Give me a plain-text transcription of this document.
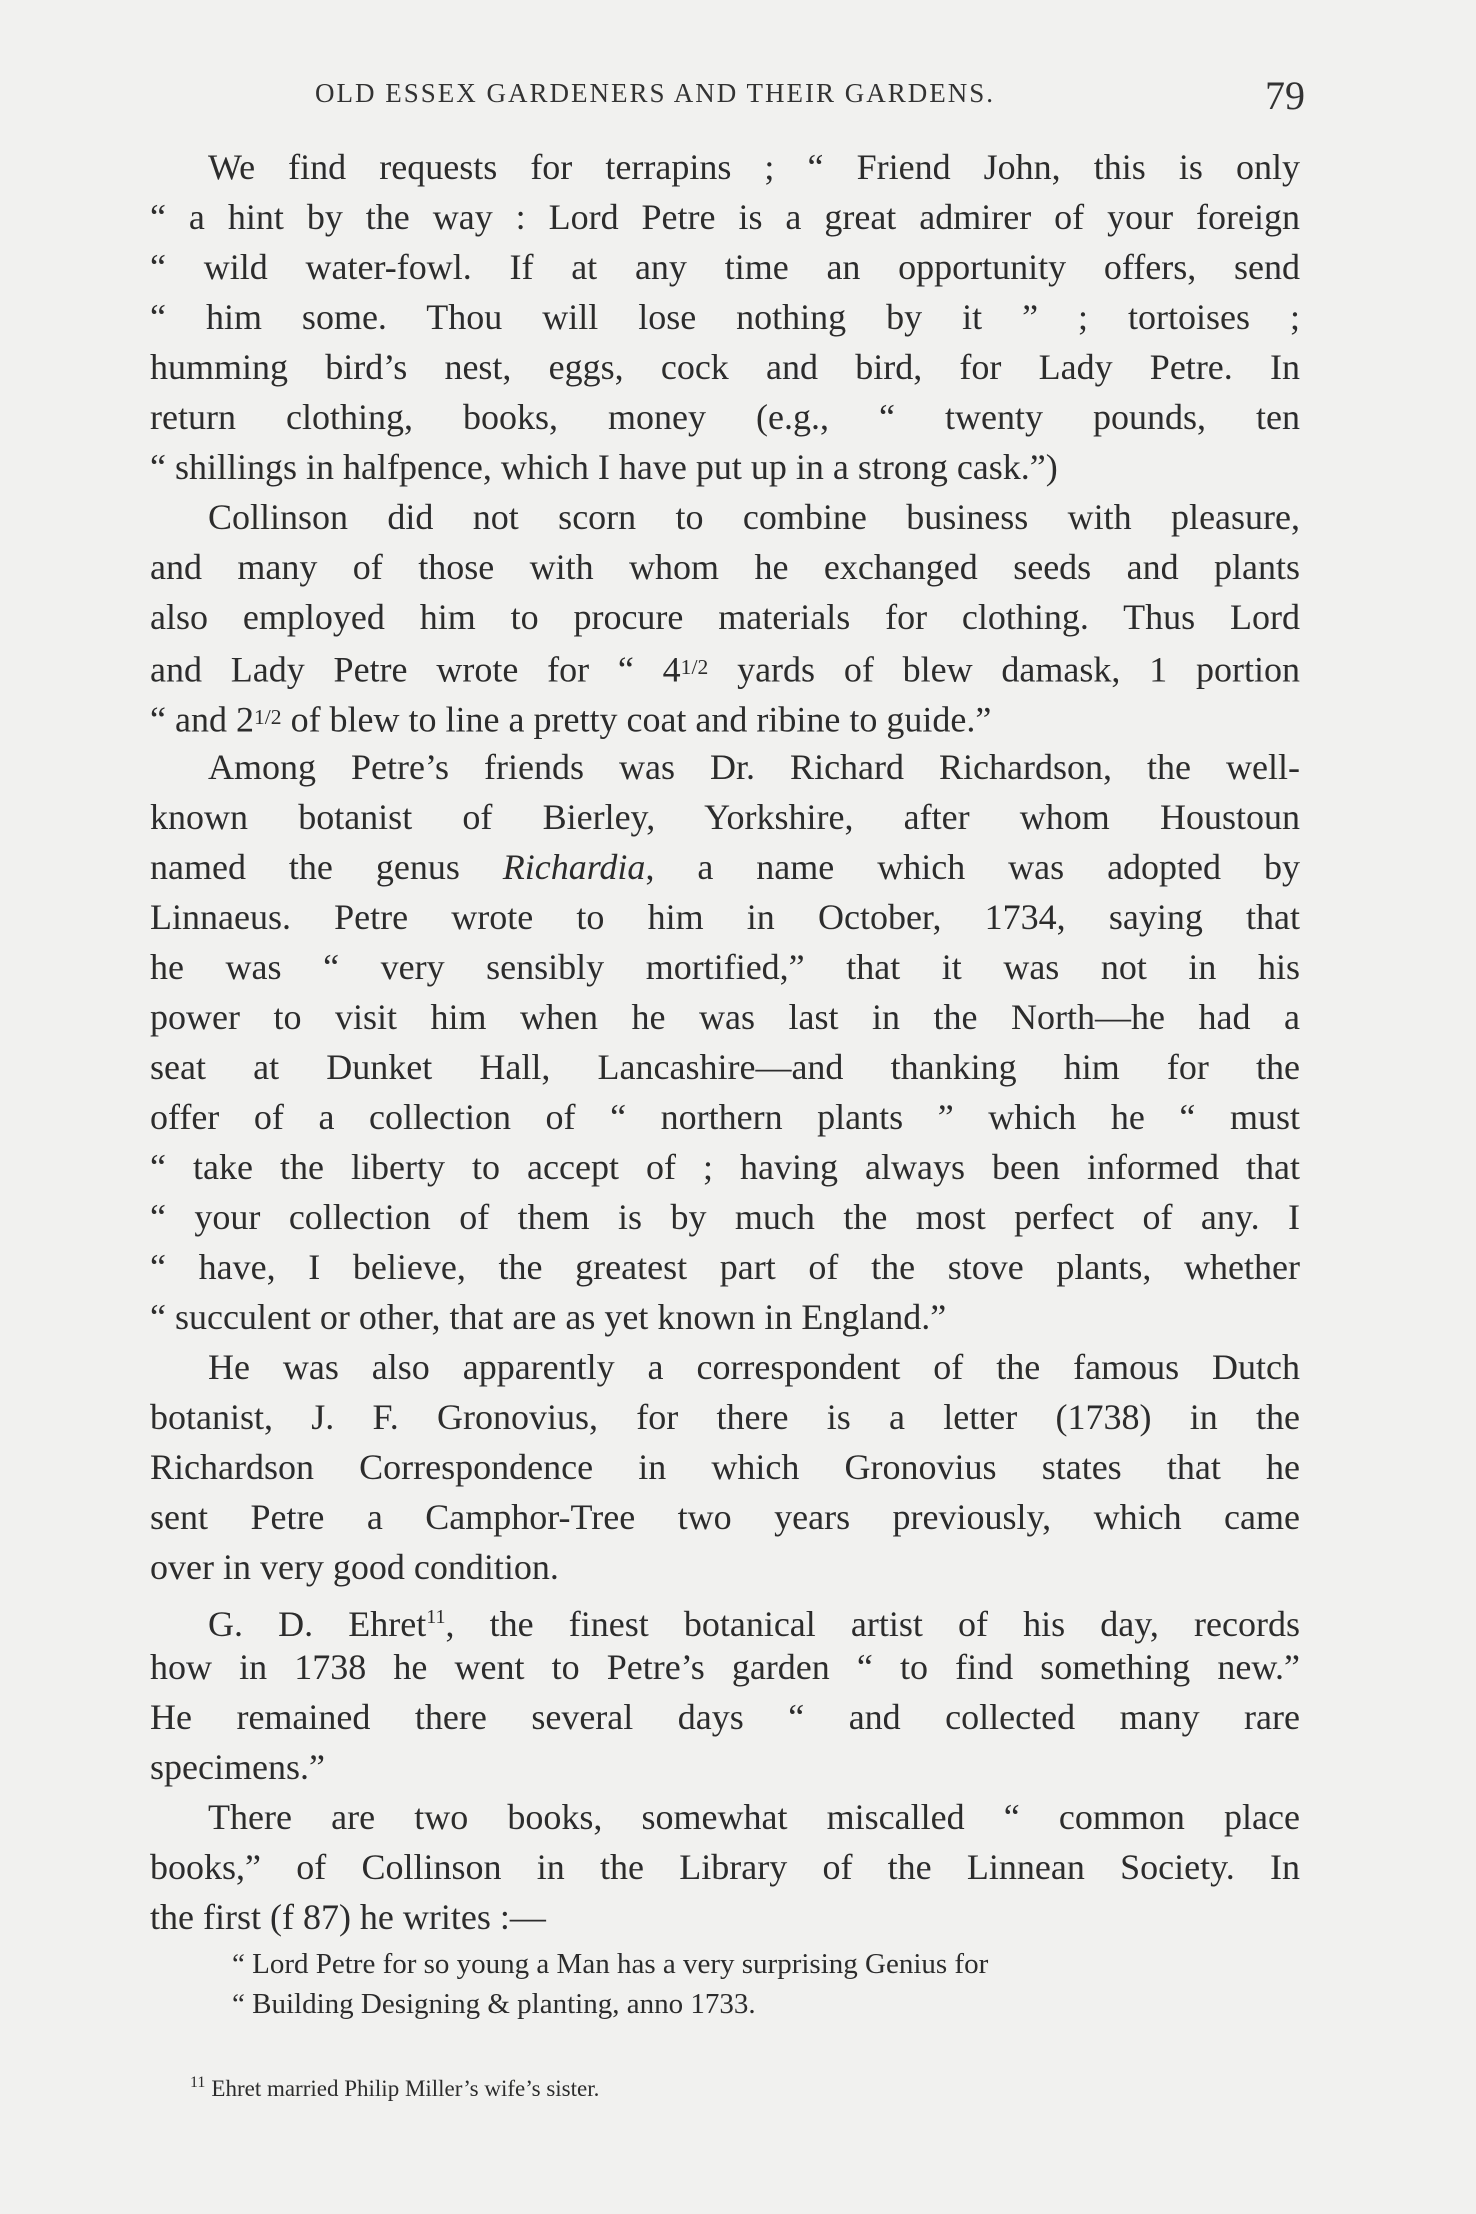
OLD ESSEX GARDENERS AND THEIR GARDENS.	79
We find requests for terrapins ; “ Friend John, this is only
“ a hint by the way : Lord Petre is a great admirer of your foreign
“ wild water-fowl. If at any time an opportunity offers, send
“ him some. Thou will lose nothing by it ” ; tortoises ;
humming bird’s nest, eggs, cock and bird, for Lady Petre. In
return clothing, books, money (e.g., “ twenty pounds, ten
“ shillings in halfpence, which I have put up in a strong cask.”)
Collinson did not scorn to combine business with pleasure,
and many of those with whom he exchanged seeds and plants
also employed him to procure materials for clothing. Thus Lord
and Lady Petre wrote for “ $4^{1/2}$ yards of blew damask, 1 portion
“ and $2^{1/2}$ of blew to line a pretty coat and ribine to guide.”
Among Petre’s friends was Dr. Richard Richardson, the well-
known botanist of Bierley, Yorkshire, after whom Houstoun
named the genus Richardia, a name which was adopted by
Linnaeus. Petre wrote to him in October, 1734, saying that
he was “ very sensibly mortified,” that it was not in his
power to visit him when he was last in the North—he had a
seat at Dunket Hall, Lancashire—and thanking him for the
offer of a collection of “ northern plants ” which he “ must
“ take the liberty to accept of ; having always been informed that
“ your collection of them is by much the most perfect of any. I
“ have, I believe, the greatest part of the stove plants, whether
“ succulent or other, that are as yet known in England.”
He was also apparently a correspondent of the famous Dutch
botanist, J. F. Gronovius, for there is a letter (1738) in the
Richardson Correspondence in which Gronovius states that he
sent Petre a Camphor-Tree two years previously, which came
over in very good condition.
G. D. Ehret$^{11}$, the finest botanical artist of his day, records
how in 1738 he went to Petre’s garden “ to find something new.”
He remained there several days “ and collected many rare
specimens.”
There are two books, somewhat miscalled “ common place
books,” of Collinson in the Library of the Linnean Society. In
the first (f 87) he writes :—
“ Lord Petre for so young a Man has a very surprising Genius for
“ Building Designing & planting, anno 1733.
$^{11}$ Ehret married Philip Miller’s wife’s sister.
